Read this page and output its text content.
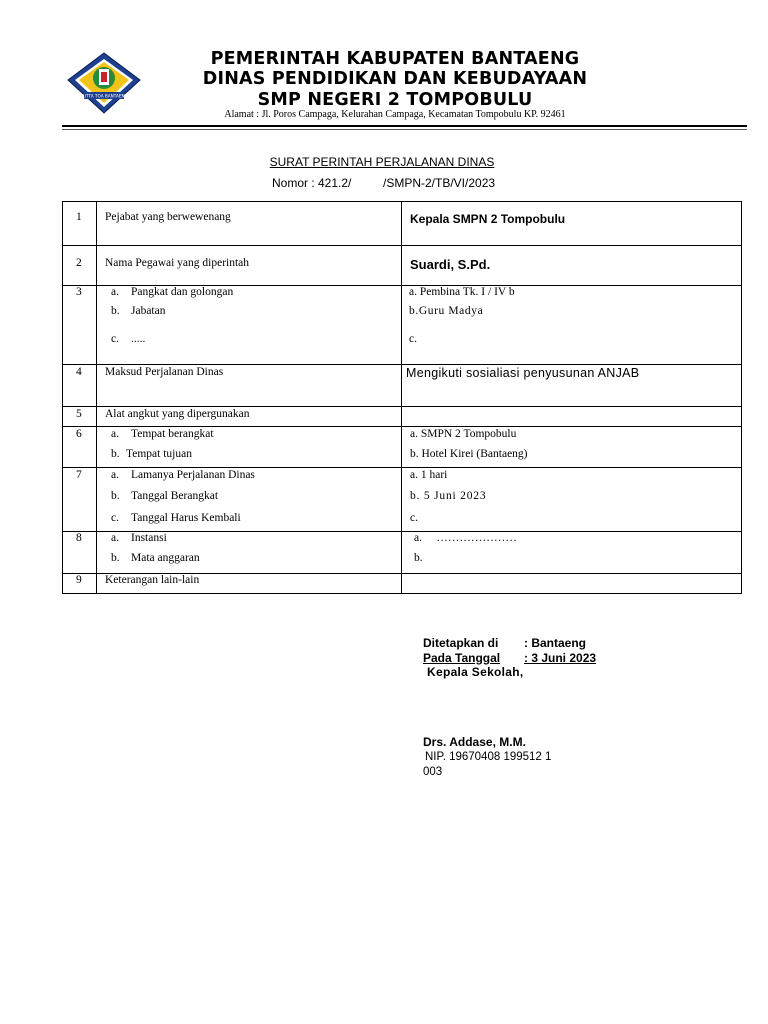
BUTTA TOA BANTAENG
PEMERINTAH KABUPATEN BANTAENG
DINAS PENDIDIKAN DAN KEBUDAYAAN
SMP NEGERI 2 TOMPOBULU
Alamat : Jl. Poros Campaga, Kelurahan Campaga, Kecamatan Tompobulu KP. 92461
SURAT PERINTAH PERJALANAN DINAS
Nomor : 421.2/	/SMPN-2/TB/VI/2023
1 Pejabat yang berwewenang	Kepala SMPN 2 Tompobulu
2 Nama Pegawai yang diperintah	Suardi, S.Pd.
3	a. Pangkat dan golongan	a. Pembina Tk. I / IV b
b. Jabatan	b.Guru Madya
c. .....	c.
4 Maksud Perjalanan Dinas	Mengikuti sosialiasi penyusunan ANJAB
5 Alat angkut yang dipergunakan
6	a. Tempat berangkat	a. SMPN 2 Tompobulu
b. Tempat tujuan	b. Hotel Kirei (Bantaeng)
7	a. Lamanya Perjalanan Dinas	a. 1 hari
b. Tanggal Berangkat	b. 5 Juni 2023
c. Tanggal Harus Kembali	c.
8	a. Instansi	a.     …………………
b. Mata anggaran	b.
9 Keterangan lain-lain
Ditetapkan di : Bantaeng
Pada Tanggal	: 3 Juni 2023
Kepala Sekolah,
Drs. Addase, M.M.
NIP. 19670408 199512 1
003
